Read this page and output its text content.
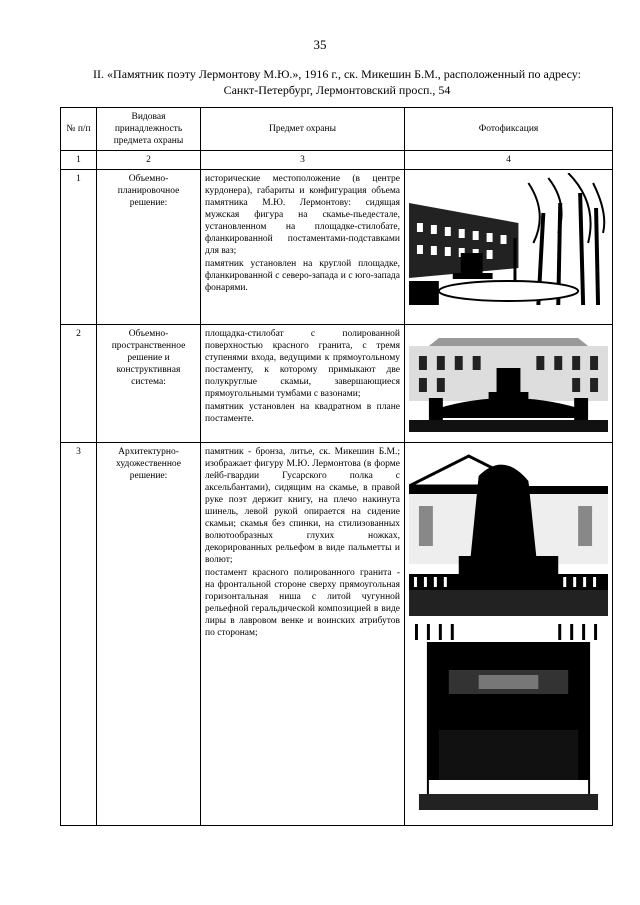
35
II. «Памятник поэту Лермонтову М.Ю.», 1916 г., ск. Микешин Б.М., расположенный по адресу:
Санкт-Петербург, Лермонтовский просп., 54
№ п/п	Видовая принадлежность предмета охраны	Предмет охраны	Фотофиксация
1	2	3	4
1	Объемно-планировочное решение:	исторические местоположение (в центре курдонера), габариты и конфигурация объема памятника М.Ю. Лермонтову: сидящая мужская фигура на скамье-пьедестале, установленном на площадке-стилобате, фланкированной постаментами-подставками для ваз;

памятник установлен на круглой площадке, фланкированной с северо-запада и с юго-запада фонарями.

2	Объемно-пространственное решение и конструктивная система:	площадка-стилобат с полированной поверхностью красного гранита, с тремя ступенями входа, ведущими к прямоугольному постаменту, к которому примыкают две полукруглые скамьи, завершающиеся прямоугольными тумбами с вазонами;

памятник установлен на квадратном в плане постаменте.

3	Архитектурно-художественное решение:	памятник - бронза, литье, ск. Микешин Б.М.; изображает фигуру М.Ю. Лермонтова (в форме лейб-гвардии Гусарского полка с аксельбантами), сидящим на скамье, в правой руке поэт держит книгу, на плечо накинута шинель, левой рукой опирается на сидение скамьи; скамья без спинки, на стилизованных волютообразных глухих ножках, декорированных рельефом в виде пальметты и волют;

постамент красного полированного гранита - на фронтальной стороне сверху прямоугольная горизонтальная ниша с литой чугунной рельефной геральдической композицией в виде лиры в лавровом венке и воинских атрибутов по сторонам;
